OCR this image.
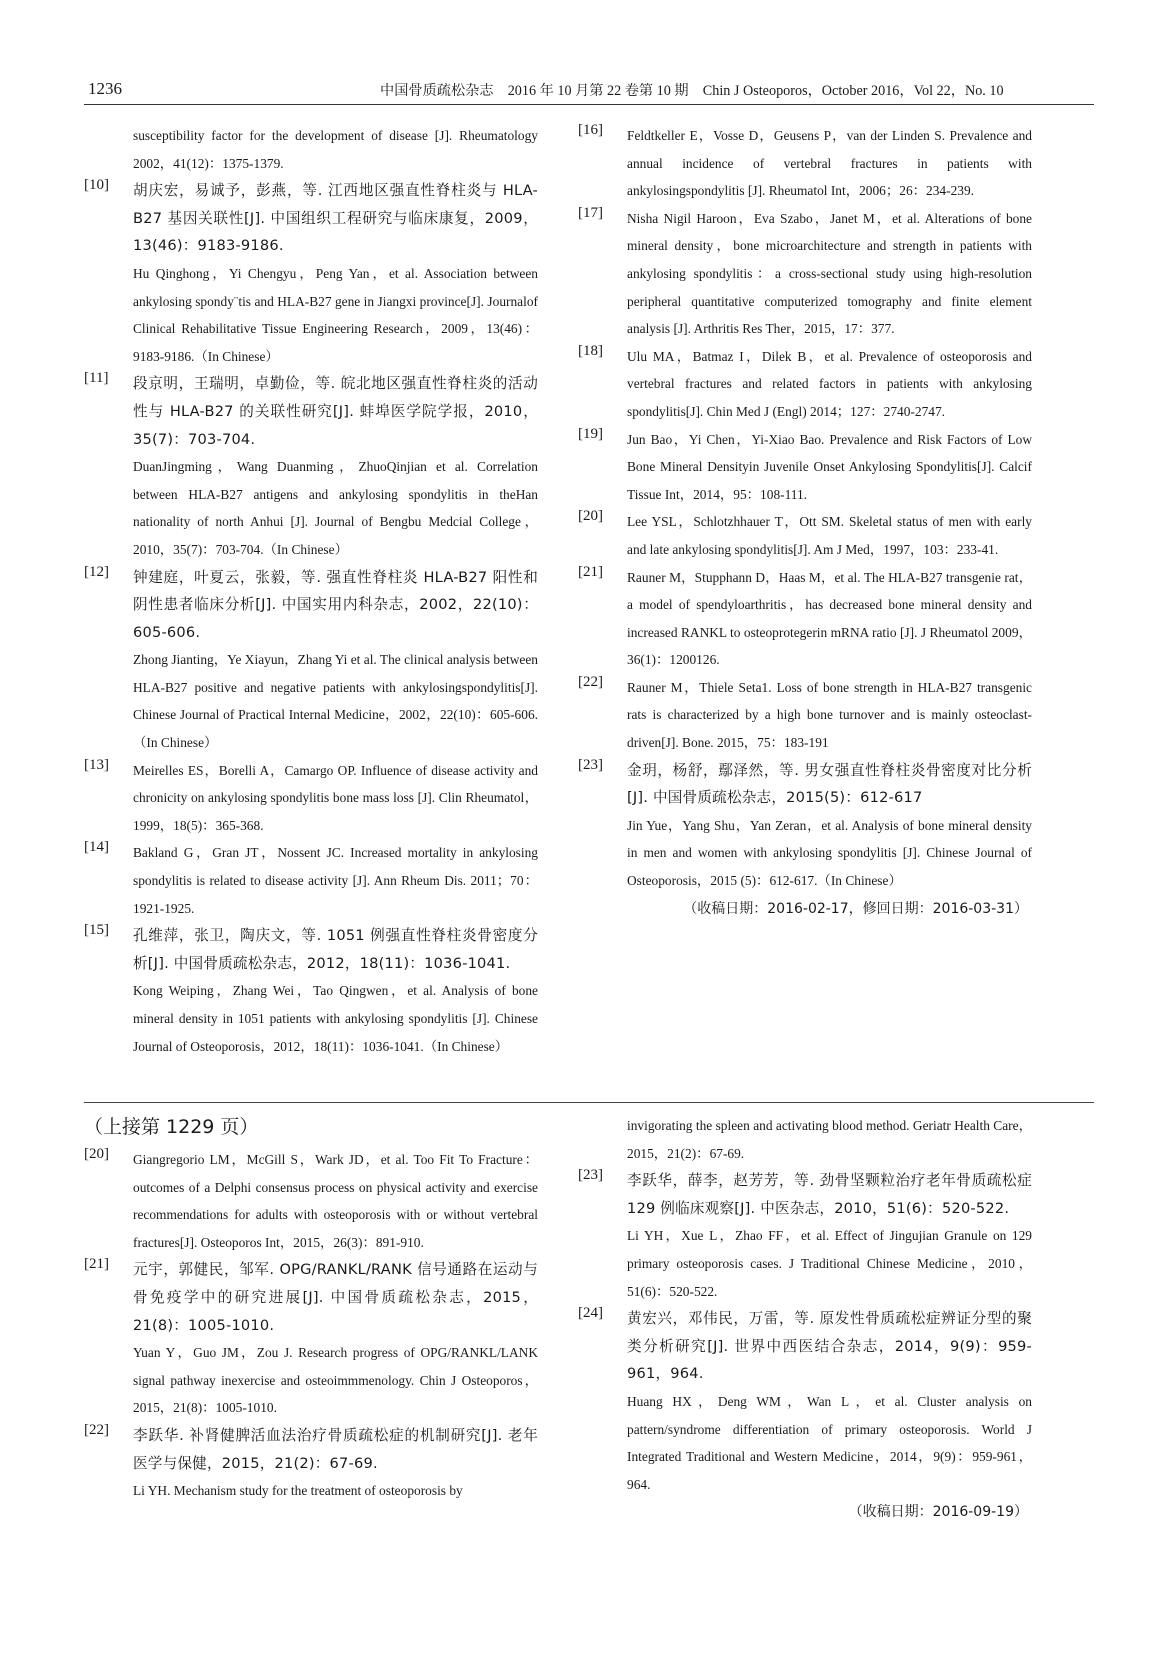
1236	中国骨质疏松杂志　2016 年 10 月第 22 卷第 10 期　Chin J Osteoporos，October 2016，Vol 22，No. 10

susceptibility factor for the development of disease [J]. Rheumatology 2002，41(12)：1375-1379.

[10]	胡庆宏，易诚予，彭燕，等. 江西地区强直性脊柱炎与 HLA-B27 基因关联性[J]. 中国组织工程研究与临床康复，2009，13(46)：9183-9186.

Hu Qinghong，Yi Chengyu，Peng Yan，et al. Association between ankylosing spondy¨tis and HLA-B27 gene in Jiangxi province[J]. Journalof Clinical Rehabilitative Tissue Engineering Research，2009，13(46)：9183-9186.（In Chinese）

[11]	段京明，王瑞明，卓勤俭，等. 皖北地区强直性脊柱炎的活动性与 HLA-B27 的关联性研究[J]. 蚌埠医学院学报，2010，35(7)：703-704.

DuanJingming，Wang Duanming，ZhuoQinjian et al. Correlation between HLA-B27 antigens and ankylosing spondylitis in theHan nationality of north Anhui [J]. Journal of Bengbu Medcial College，2010，35(7)：703-704.（In Chinese）

[12]	钟建庭，叶夏云，张毅，等. 强直性脊柱炎 HLA-B27 阳性和阴性患者临床分析[J]. 中国实用内科杂志，2002，22(10)：605-606.

Zhong Jianting，Ye Xiayun，Zhang Yi et al. The clinical analysis between HLA-B27 positive and negative patients with ankylosingspondylitis[J]. Chinese Journal of Practical Internal Medicine，2002，22(10)：605-606.（In Chinese）

[13]	Meirelles ES，Borelli A，Camargo OP. Influence of disease activity and chronicity on ankylosing spondylitis bone mass loss [J]. Clin Rheumatol，1999，18(5)：365-368.

[14]	Bakland G，Gran JT，Nossent JC. Increased mortality in ankylosing spondylitis is related to disease activity [J]. Ann Rheum Dis. 2011；70：1921-1925.

[15]	孔维萍，张卫，陶庆文，等. 1051 例强直性脊柱炎骨密度分析[J]. 中国骨质疏松杂志，2012，18(11)：1036-1041.

Kong Weiping，Zhang Wei，Tao Qingwen，et al. Analysis of bone mineral density in 1051 patients with ankylosing spondylitis [J]. Chinese Journal of Osteoporosis，2012，18(11)：1036-1041.（In Chinese）

[16]	Feldtkeller E，Vosse D，Geusens P，van der Linden S. Prevalence and annual incidence of vertebral fractures in patients with ankylosingspondylitis [J]. Rheumatol Int，2006；26：234-239.

[17]	Nisha Nigil Haroon，Eva Szabo，Janet M，et al. Alterations of bone mineral density，bone microarchitecture and strength in patients with ankylosing spondylitis：a cross-sectional study using high-resolution peripheral quantitative computerized tomography and finite element analysis [J]. Arthritis Res Ther，2015，17：377.

[18]	Ulu MA，Batmaz I，Dilek B，et al. Prevalence of osteoporosis and vertebral fractures and related factors in patients with ankylosing spondylitis[J]. Chin Med J (Engl) 2014；127：2740-2747.

[19]	Jun Bao，Yi Chen，Yi-Xiao Bao. Prevalence and Risk Factors of Low Bone Mineral Densityin Juvenile Onset Ankylosing Spondylitis[J]. Calcif Tissue Int，2014，95：108-111.

[20]	Lee YSL，Schlotzhhauer T，Ott SM. Skeletal status of men with early and late ankylosing spondylitis[J]. Am J Med，1997，103：233-41.

[21]	Rauner M，Stupphann D，Haas M，et al. The HLA-B27 transgenie rat，a model of spendyloarthritis，has decreased bone mineral density and increased RANKL to osteoprotegerin mRNA ratio [J]. J Rheumatol 2009，36(1)：1200126.

[22]	Rauner M，Thiele Seta1. Loss of bone strength in HLA-B27 transgenic rats is characterized by a high bone turnover and is mainly osteoclast-driven[J]. Bone. 2015，75：183-191

[23]	金玥，杨舒，鄢泽然，等. 男女强直性脊柱炎骨密度对比分析[J]. 中国骨质疏松杂志，2015(5)：612-617

Jin Yue，Yang Shu，Yan Zeran，et al. Analysis of bone mineral density in men and women with ankylosing spondylitis [J]. Chinese Journal of Osteoporosis，2015 (5)：612-617.（In Chinese）

（收稿日期：2016-02-17，修回日期：2016-03-31）
（上接第 1229 页）
[20]	Giangregorio LM，McGill S，Wark JD，et al. Too Fit To Fracture：outcomes of a Delphi consensus process on physical activity and exercise recommendations for adults with osteoporosis with or without vertebral fractures[J]. Osteoporos Int，2015，26(3)：891-910.

[21]	元宇，郭健民，邹军. OPG/RANKL/RANK 信号通路在运动与骨免疫学中的研究进展[J]. 中国骨质疏松杂志，2015，21(8)：1005-1010.

Yuan Y，Guo JM，Zou J. Research progress of OPG/RANKL/LANK signal pathway inexercise and osteoimmmenology. Chin J Osteoporos，2015，21(8)：1005-1010.

[22]	李跃华. 补肾健脾活血法治疗骨质疏松症的机制研究[J]. 老年医学与保健，2015，21(2)：67-69.

Li YH. Mechanism study for the treatment of osteoporosis by

invigorating the spleen and activating blood method. Geriatr Health Care，2015，21(2)：67-69.

[23]	李跃华，薛李，赵芳芳，等. 劲骨坚颗粒治疗老年骨质疏松症 129 例临床观察[J]. 中医杂志，2010，51(6)：520-522.

Li YH，Xue L，Zhao FF，et al. Effect of Jingujian Granule on 129 primary osteoporosis cases. J Traditional Chinese Medicine，2010，51(6)：520-522.

[24]	黄宏兴，邓伟民，万雷，等. 原发性骨质疏松症辨证分型的聚类分析研究[J]. 世界中西医结合杂志，2014，9(9)：959-961，964.

Huang HX，Deng WM，Wan L，et al. Cluster analysis on pattern/syndrome differentiation of primary osteoporosis. World J Integrated Traditional and Western Medicine，2014，9(9)：959-961，964.

（收稿日期：2016-09-19）
